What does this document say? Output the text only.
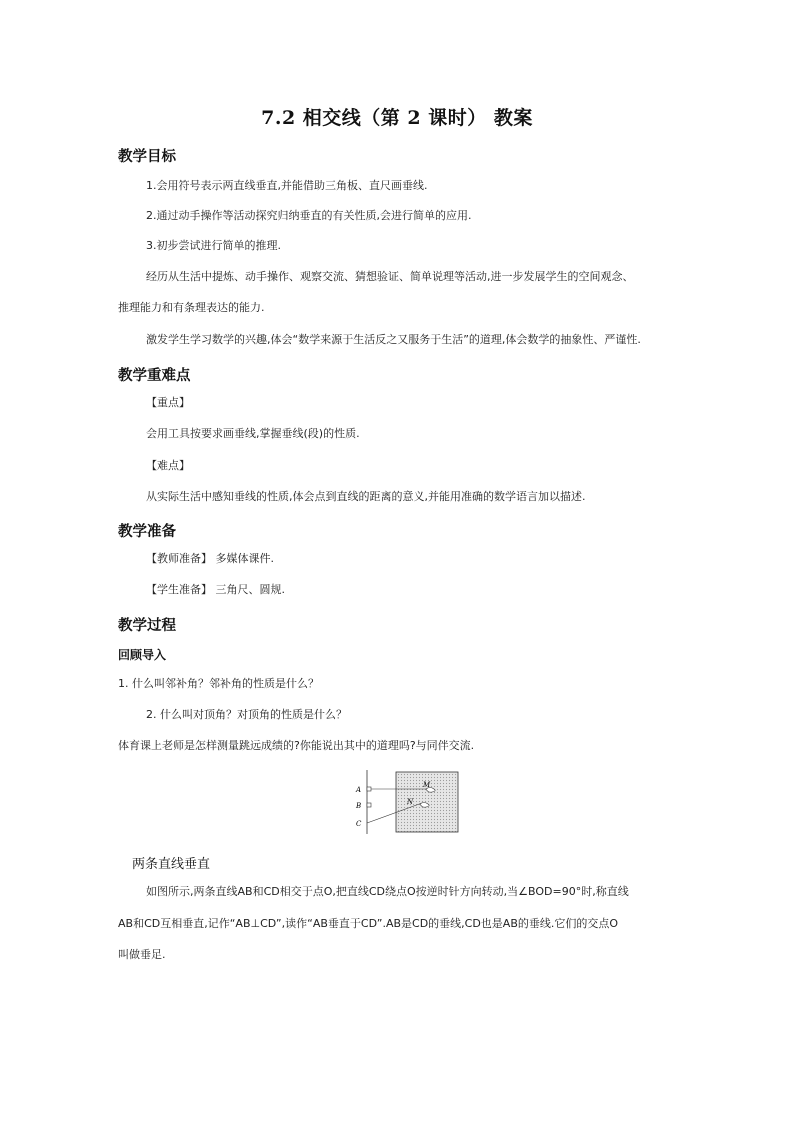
7.2 相交线（第 2 课时） 教案
教学目标
1.会用符号表示两直线垂直,并能借助三角板、直尺画垂线.
2.通过动手操作等活动探究归纳垂直的有关性质,会进行简单的应用.
3.初步尝试进行简单的推理.
经历从生活中提炼、动手操作、观察交流、猜想验证、简单说理等活动,进一步发展学生的空间观念、
推理能力和有条理表达的能力.
激发学生学习数学的兴趣,体会“数学来源于生活反之又服务于生活”的道理,体会数学的抽象性、严谨性.
教学重难点
【重点】
会用工具按要求画垂线,掌握垂线(段)的性质.
【难点】
从实际生活中感知垂线的性质,体会点到直线的距离的意义,并能用准确的数学语言加以描述.
教学准备
【教师准备】 多媒体课件.
【学生准备】 三角尺、圆规.
教学过程
回顾导入
1. 什么叫邻补角？邻补角的性质是什么？
2. 什么叫对顶角？对顶角的性质是什么？
体育课上老师是怎样测量跳远成绩的?你能说出其中的道理吗?与同伴交流.
A
B
C
M
N
两条直线垂直
如图所示,两条直线AB和CD相交于点O,把直线CD绕点O按逆时针方向转动,当∠BOD=90°时,称直线
AB和CD互相垂直,记作“AB⊥CD”,读作“AB垂直于CD”.AB是CD的垂线,CD也是AB的垂线.它们的交点O
叫做垂足.
